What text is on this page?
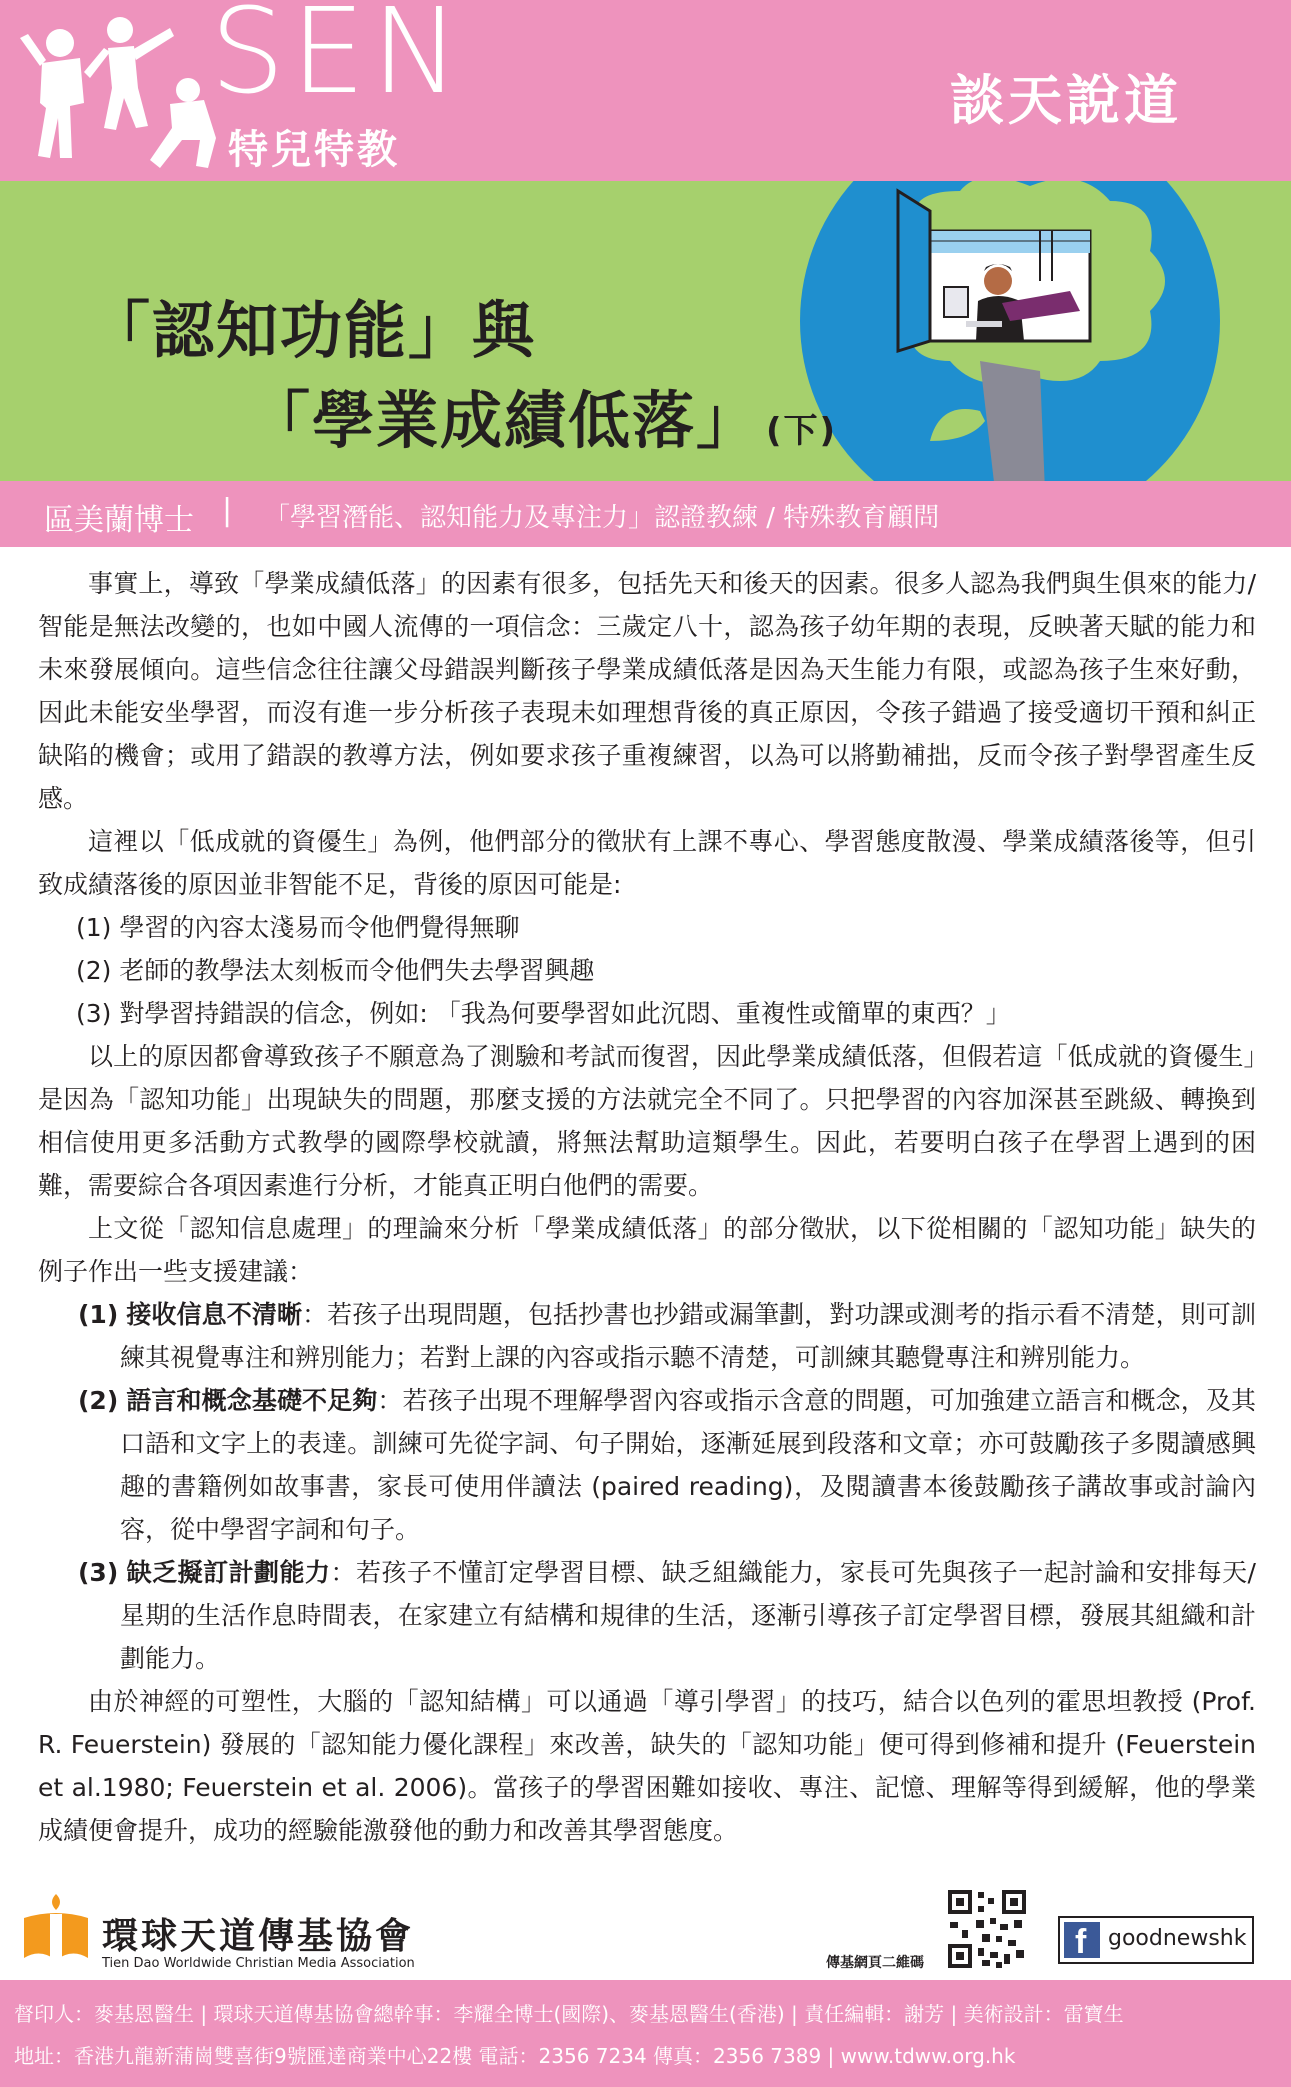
SEN
特兒特教
談天說道
「認知功能」與
「學業成績低落」 (下)
區美蘭博士 | 「學習潛能、認知能力及專注力」認證教練 / 特殊教育顧問

事實上，導致「學業成績低落」的因素有很多，包括先天和後天的因素。很多人認為我們與生俱來的能力/智能是無法改變的，也如中國人流傳的一項信念：三歲定八十，認為孩子幼年期的表現，反映著天賦的能力和未來發展傾向。這些信念往往讓父母錯誤判斷孩子學業成績低落是因為天生能力有限，或認為孩子生來好動，因此未能安坐學習，而沒有進一步分析孩子表現未如理想背後的真正原因，令孩子錯過了接受適切干預和糾正缺陷的機會；或用了錯誤的教導方法，例如要求孩子重複練習，以為可以將勤補拙，反而令孩子對學習產生反感。

這裡以「低成就的資優生」為例，他們部分的徵狀有上課不專心、學習態度散漫、學業成績落後等，但引致成績落後的原因並非智能不足，背後的原因可能是:

(1) 學習的內容太淺易而令他們覺得無聊

(2) 老師的教學法太刻板而令他們失去學習興趣

(3) 對學習持錯誤的信念，例如: 「我為何要學習如此沉悶、重複性或簡單的東西？」

以上的原因都會導致孩子不願意為了測驗和考試而復習，因此學業成績低落，但假若這「低成就的資優生」是因為「認知功能」出現缺失的問題，那麼支援的方法就完全不同了。只把學習的內容加深甚至跳級、轉換到相信使用更多活動方式教學的國際學校就讀，將無法幫助這類學生。因此，若要明白孩子在學習上遇到的困難，需要綜合各項因素進行分析，才能真正明白他們的需要。

上文從「認知信息處理」的理論來分析「學業成績低落」的部分徵狀，以下從相關的「認知功能」缺失的例子作出一些支援建議：

(1) 接收信息不清晰：若孩子出現問題，包括抄書也抄錯或漏筆劃，對功課或測考的指示看不清楚，則可訓練其視覺專注和辨別能力；若對上課的內容或指示聽不清楚，可訓練其聽覺專注和辨別能力。

(2) 語言和概念基礎不足夠：若孩子出現不理解學習內容或指示含意的問題，可加強建立語言和概念，及其口語和文字上的表達。訓練可先從字詞、句子開始，逐漸延展到段落和文章；亦可鼓勵孩子多閱讀感興趣的書籍例如故事書，家長可使用伴讀法 (paired reading)，及閱讀書本後鼓勵孩子講故事或討論內容，從中學習字詞和句子。

(3) 缺乏擬訂計劃能力：若孩子不懂訂定學習目標、缺乏組織能力，家長可先與孩子一起討論和安排每天/星期的生活作息時間表，在家建立有結構和規律的生活，逐漸引導孩子訂定學習目標，發展其組織和計劃能力。

由於神經的可塑性，大腦的「認知結構」可以通過「導引學習」的技巧，結合以色列的霍思坦教授 (Prof. R. Feuerstein) 發展的「認知能力優化課程」來改善，缺失的「認知功能」便可得到修補和提升 (Feuerstein et al.1980; Feuerstein et al. 2006)。當孩子的學習困難如接收、專注、記憶、理解等得到緩解，他的學業成績便會提升，成功的經驗能激發他的動力和改善其學習態度。

環球天道傳基協會
Tien Dao Worldwide Christian Media Association	傳基網頁二維碼
f goodnewshk
督印人：麥基恩醫生 | 環球天道傳基協會總幹事：李耀全博士(國際)、麥基恩醫生(香港) | 責任編輯：謝芳 | 美術設計：雷寶生
地址：香港九龍新蒲崗雙喜街9號匯達商業中心22樓 電話：2356 7234 傳真：2356 7389 | www.tdww.org.hk
